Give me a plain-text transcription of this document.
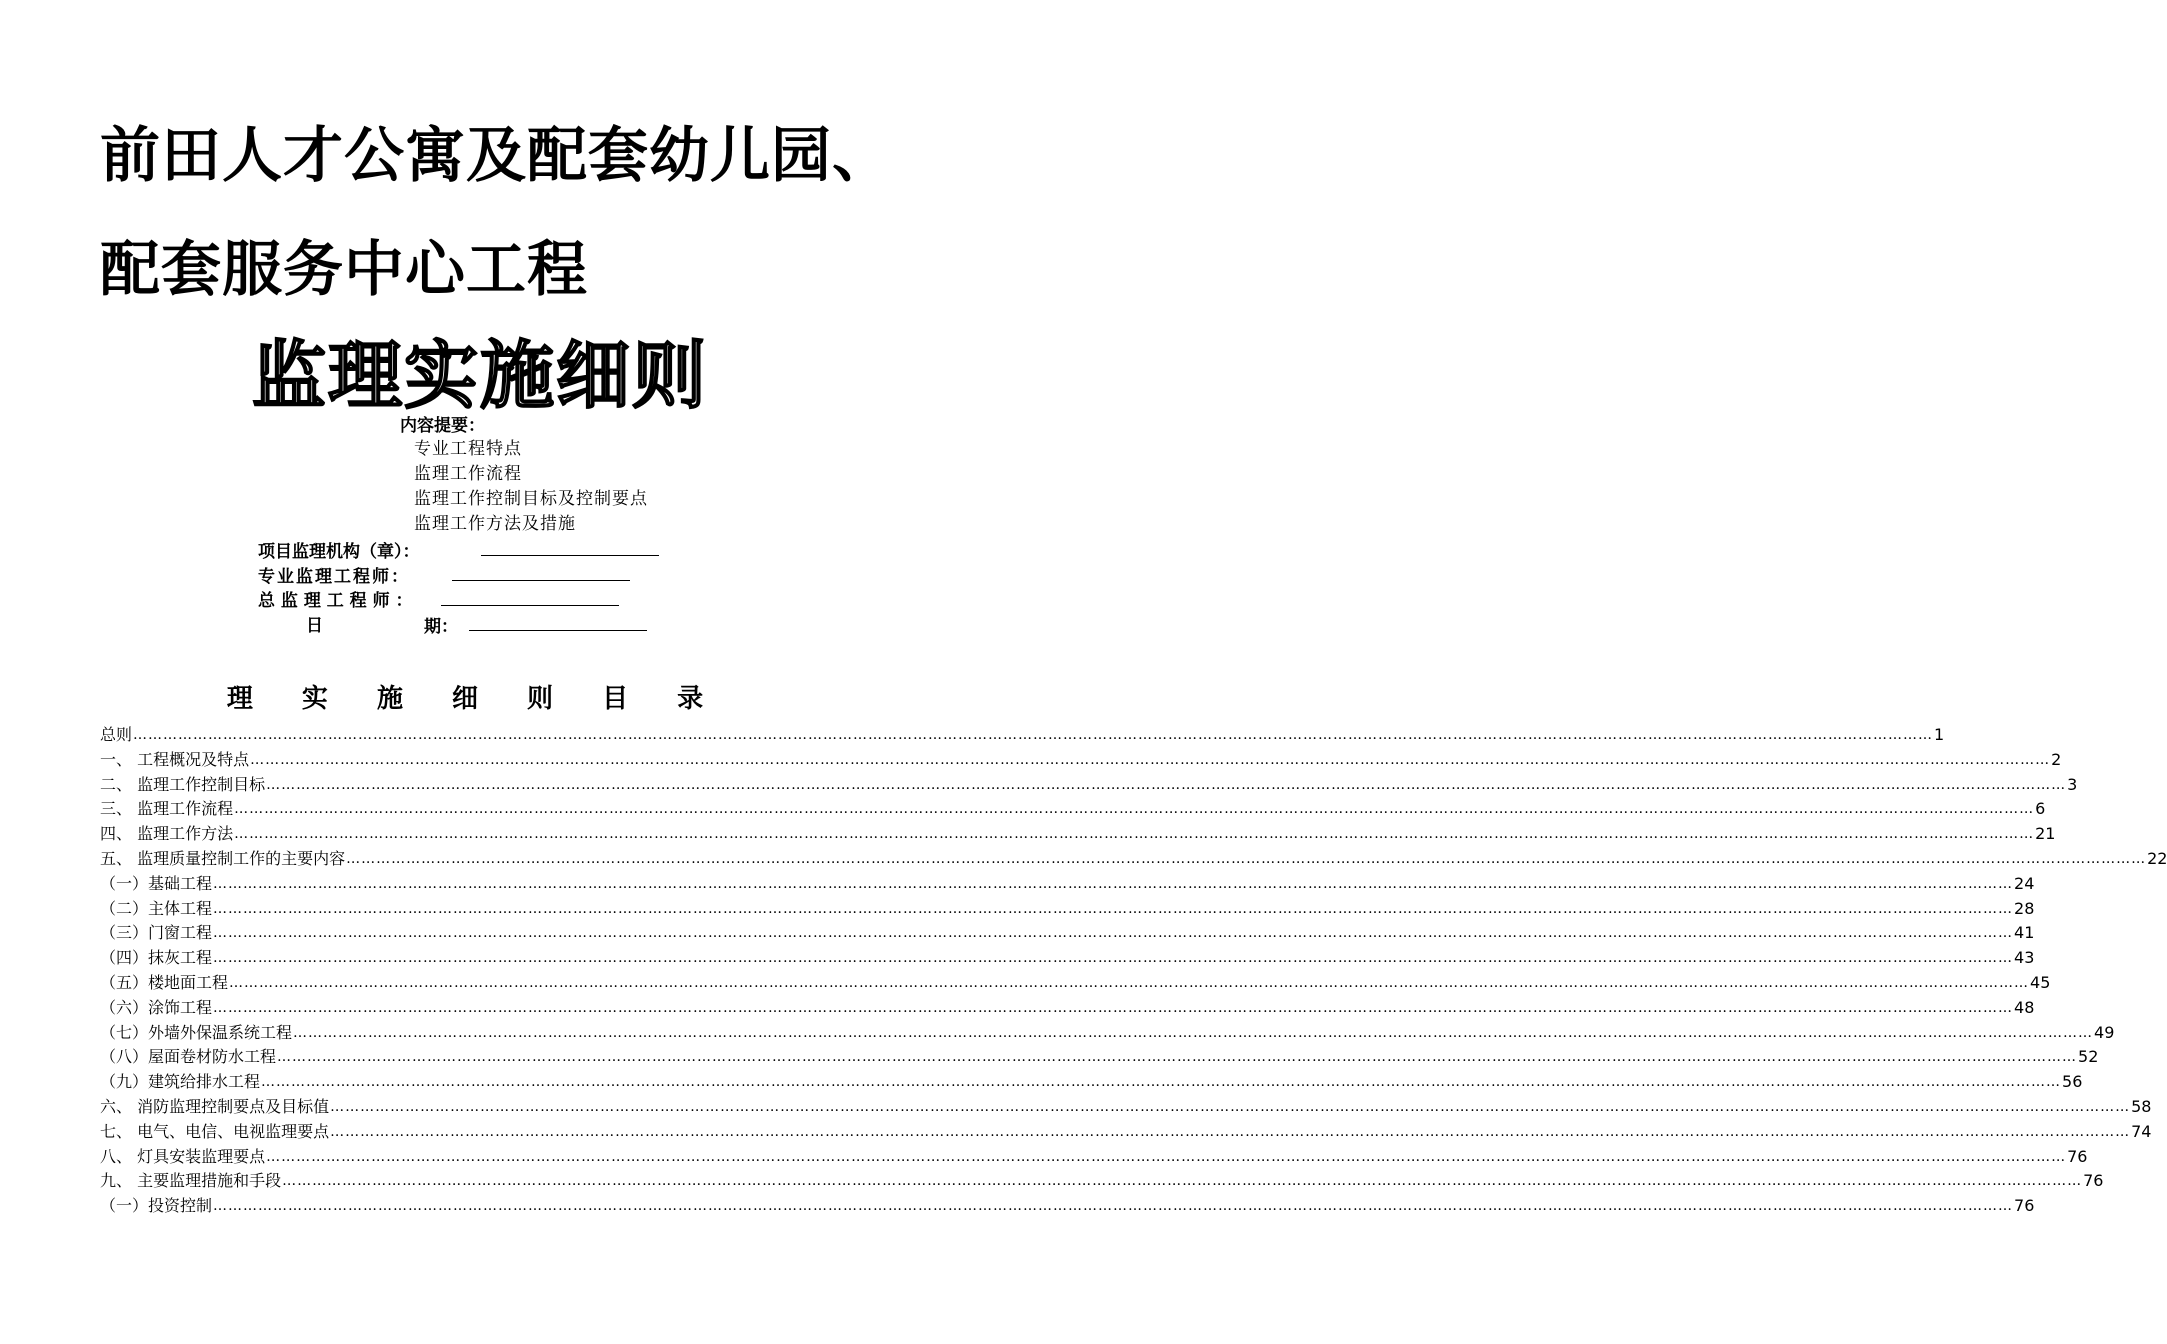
前田人才公寓及配套幼儿园、
配套服务中心工程
监理实施细则
内容提要：
专业工程特点
监理工作流程
监理工作控制目标及控制要点
监理工作方法及措施
项目监理机构（章）：
专业监理工程师：
总 监 理 工 程 师 ：
日	期：
理 实 施 细 则 目 录
总则 ……………………………………………………………………………………………………………………………………………………………………………………………………………………………………………………………………………………………………………………………… 1
一、 工程概况及特点 ……………………………………………………………………………………………………………………………………………………………………………………………………………………………………………………………………………………………………………………………… 2
二、 监理工作控制目标 ……………………………………………………………………………………………………………………………………………………………………………………………………………………………………………………………………………………………………………………………… 3
三、 监理工作流程 ……………………………………………………………………………………………………………………………………………………………………………………………………………………………………………………………………………………………………………………………… 6
四、 监理工作方法 ……………………………………………………………………………………………………………………………………………………………………………………………………………………………………………………………………………………………………………………………… 21
五、 监理质量控制工作的主要内容 ……………………………………………………………………………………………………………………………………………………………………………………………………………………………………………………………………………………………………………………………… 22
（一）基础工程 ……………………………………………………………………………………………………………………………………………………………………………………………………………………………………………………………………………………………………………………………… 24
（二）主体工程 ……………………………………………………………………………………………………………………………………………………………………………………………………………………………………………………………………………………………………………………………… 28
（三）门窗工程 ……………………………………………………………………………………………………………………………………………………………………………………………………………………………………………………………………………………………………………………………… 41
（四）抹灰工程 ……………………………………………………………………………………………………………………………………………………………………………………………………………………………………………………………………………………………………………………………… 43
（五）楼地面工程 ……………………………………………………………………………………………………………………………………………………………………………………………………………………………………………………………………………………………………………………………… 45
（六）涂饰工程 ……………………………………………………………………………………………………………………………………………………………………………………………………………………………………………………………………………………………………………………………… 48
（七）外墙外保温系统工程 ……………………………………………………………………………………………………………………………………………………………………………………………………………………………………………………………………………………………………………………………… 49
（八）屋面卷材防水工程 ……………………………………………………………………………………………………………………………………………………………………………………………………………………………………………………………………………………………………………………………… 52
（九）建筑给排水工程 ……………………………………………………………………………………………………………………………………………………………………………………………………………………………………………………………………………………………………………………………… 56
六、 消防监理控制要点及目标值 ……………………………………………………………………………………………………………………………………………………………………………………………………………………………………………………………………………………………………………………………… 58
七、 电气、电信、电视监理要点 ……………………………………………………………………………………………………………………………………………………………………………………………………………………………………………………………………………………………………………………………… 74
八、 灯具安装监理要点 ……………………………………………………………………………………………………………………………………………………………………………………………………………………………………………………………………………………………………………………………… 76
九、 主要监理措施和手段 ……………………………………………………………………………………………………………………………………………………………………………………………………………………………………………………………………………………………………………………………… 76
（一）投资控制 ……………………………………………………………………………………………………………………………………………………………………………………………………………………………………………………………………………………………………………………………… 76
